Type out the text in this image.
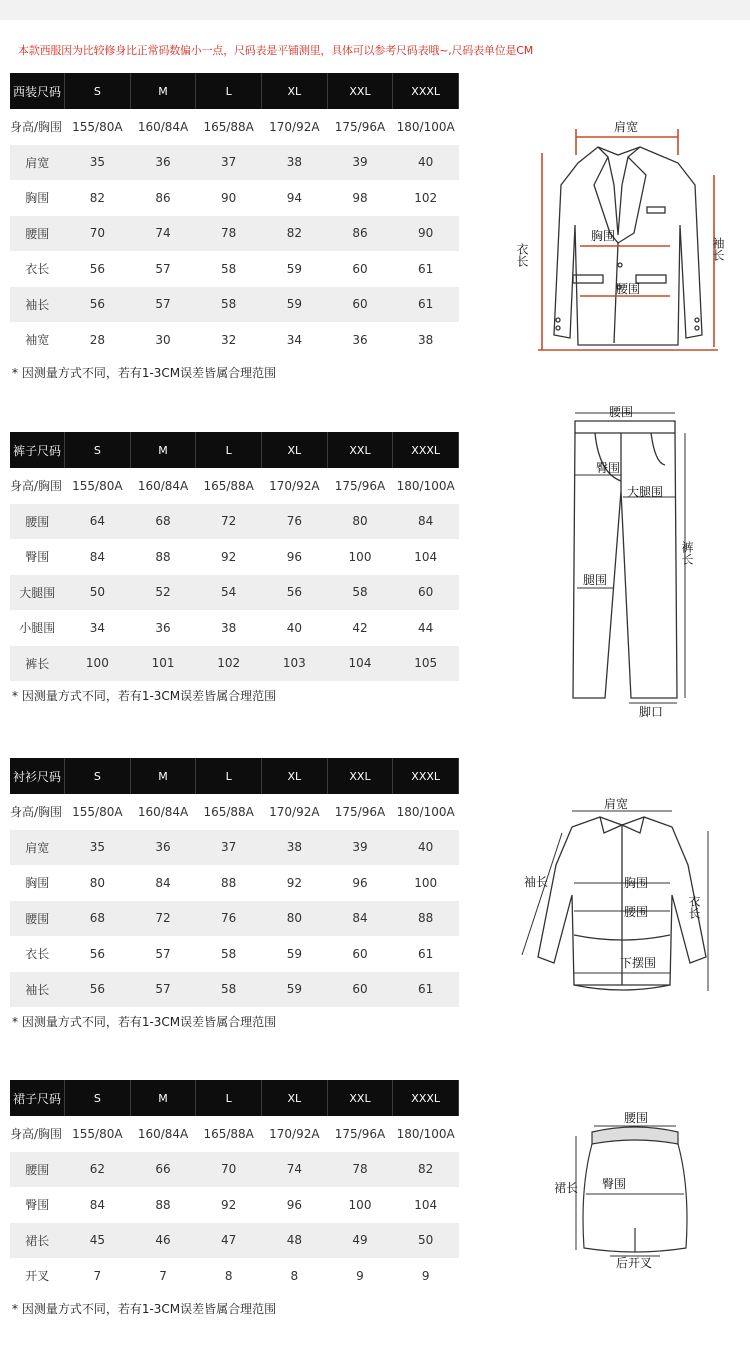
本款西服因为比较修身比正常码数偏小一点，尺码表是平铺测里，具体可以参考尺码表哦~,尺码表单位是CM
西装尺码	S	M	L	XL	XXL	XXXL
身高/胸围	155/80A	160/84A	165/88A	170/92A	175/96A	180/100A
肩宽	35	36	37	38	39	40
胸围	82	86	90	94	98	102
腰围	70	74	78	82	86	90
衣长	56	57	58	59	60	61
袖长	56	57	58	59	60	61
袖宽	28	30	32	34	36	38
* 因测量方式不同，若有1-3CM误差皆属合理范围
肩宽
胸围
腰围
衣长	袖长
裤子尺码	S	M	L	XL	XXL	XXXL
身高/胸围	155/80A	160/84A	165/88A	170/92A	175/96A	180/100A
腰围	64	68	72	76	80	84
臀围	84	88	92	96	100	104
大腿围	50	52	54	56	58	60
小腿围	34	36	38	40	42	44
裤长	100	101	102	103	104	105
* 因测量方式不同，若有1-3CM误差皆属合理范围
腰围
臀围
大腿围
腿围
裤长
脚口
衬衫尺码	S	M	L	XL	XXL	XXXL
身高/胸围	155/80A	160/84A	165/88A	170/92A	175/96A	180/100A
肩宽	35	36	37	38	39	40
胸围	80	84	88	92	96	100
腰围	68	72	76	80	84	88
衣长	56	57	58	59	60	61
袖长	56	57	58	59	60	61
* 因测量方式不同，若有1-3CM误差皆属合理范围
肩宽
袖长	胸围
腰围	衣长
下摆围
裙子尺码	S	M	L	XL	XXL	XXXL
身高/胸围	155/80A	160/84A	165/88A	170/92A	175/96A	180/100A
腰围	62	66	70	74	78	82
臀围	84	88	92	96	100	104
裙长	45	46	47	48	49	50
开叉	7	7	8	8	9	9
* 因测量方式不同，若有1-3CM误差皆属合理范围
腰围
臀围
裙长
后开叉
